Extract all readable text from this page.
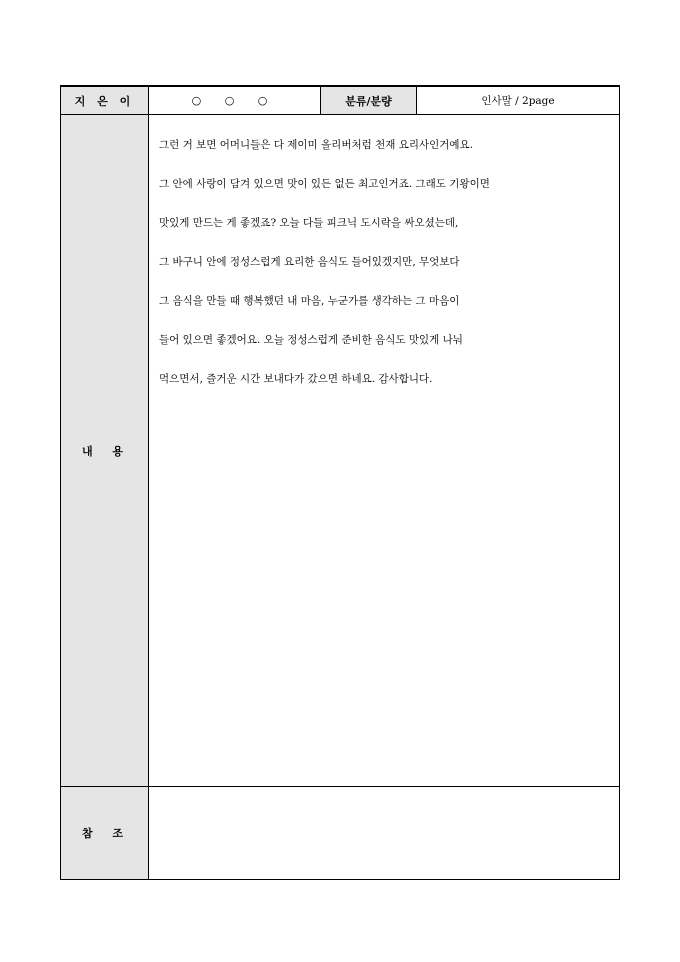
지 은 이	○ ○ ○	분류/분량	인사말 / 2page
내  용

그런 거 보면 어머니들은 다 제이미 올리버처럼 천재 요리사인거예요.

그 안에 사랑이 담겨 있으면 맛이 있든 없든 최고인거죠. 그래도 기왕이면

맛있게 만드는 게 좋겠죠? 오늘 다들 피크닉 도시락을 싸오셨는데,

그 바구니 안에 정성스럽게 요리한 음식도 들어있겠지만, 무엇보다

그 음식을 만들 때 행복했던 내 마음, 누군가를 생각하는 그 마음이

들어 있으면 좋겠어요. 오늘 정성스럽게 준비한 음식도 맛있게 나눠

먹으면서, 즐거운 시간 보내다가 갔으면 하네요. 감사합니다.

참  조
